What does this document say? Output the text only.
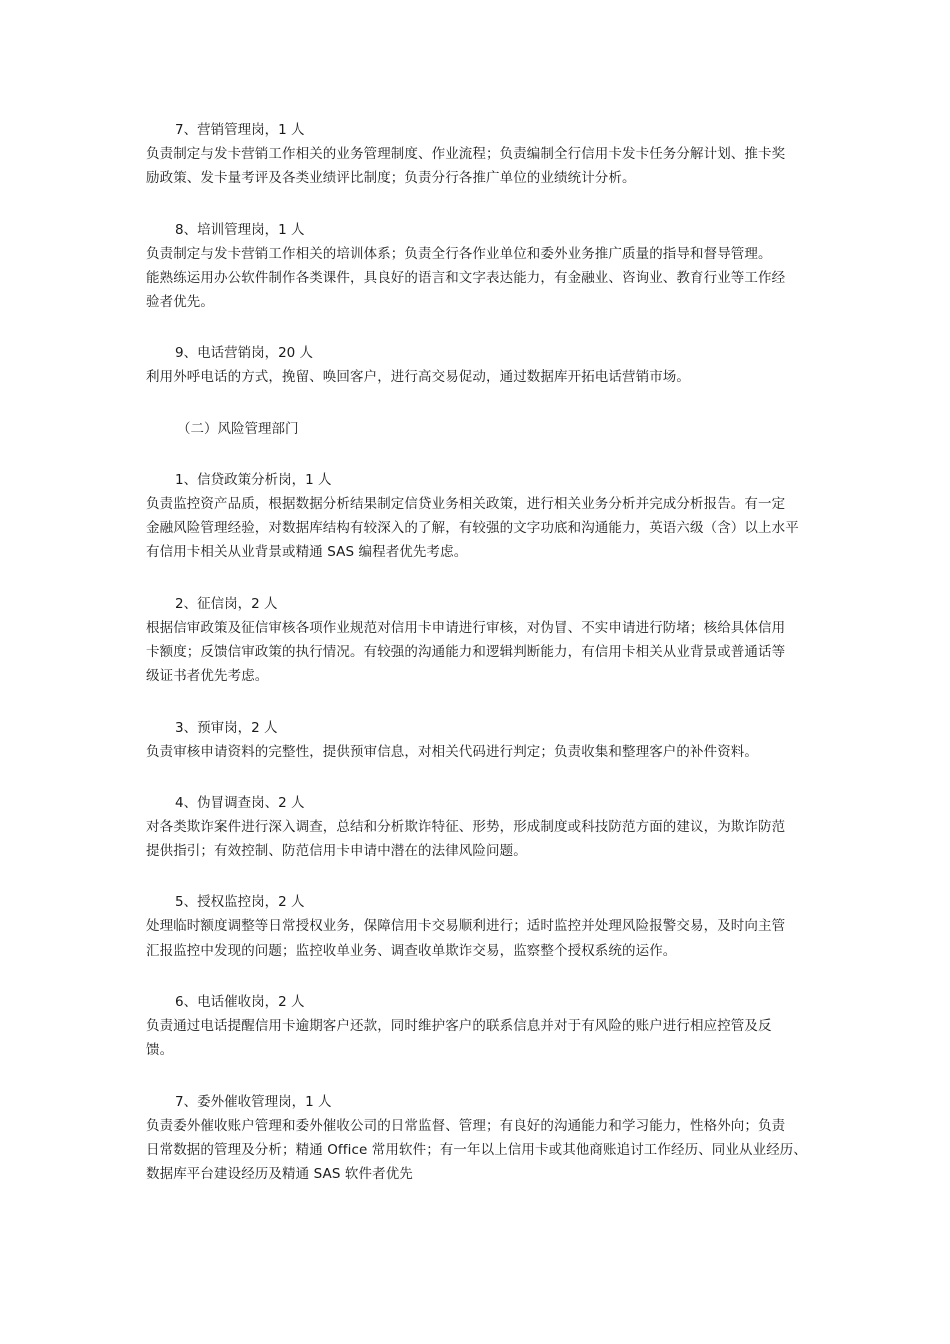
7、营销管理岗，1 人

负责制定与发卡营销工作相关的业务管理制度、作业流程；负责编制全行信用卡发卡任务分解计划、推卡奖

励政策、发卡量考评及各类业绩评比制度；负责分行各推广单位的业绩统计分析。

8、培训管理岗，1 人

负责制定与发卡营销工作相关的培训体系；负责全行各作业单位和委外业务推广质量的指导和督导管理。

能熟练运用办公软件制作各类课件，具良好的语言和文字表达能力，有金融业、咨询业、教育行业等工作经

验者优先。

9、电话营销岗，20 人

利用外呼电话的方式，挽留、唤回客户，进行高交易促动，通过数据库开拓电话营销市场。

（二）风险管理部门
1、信贷政策分析岗，1 人

负责监控资产品质，根据数据分析结果制定信贷业务相关政策，进行相关业务分析并完成分析报告。有一定

金融风险管理经验，对数据库结构有较深入的了解，有较强的文字功底和沟通能力，英语六级（含）以上水平

有信用卡相关从业背景或精通 SAS 编程者优先考虑。

2、征信岗，2 人

根据信审政策及征信审核各项作业规范对信用卡申请进行审核，对伪冒、不实申请进行防堵；核给具体信用

卡额度；反馈信审政策的执行情况。有较强的沟通能力和逻辑判断能力，有信用卡相关从业背景或普通话等

级证书者优先考虑。

3、预审岗，2 人

负责审核申请资料的完整性，提供预审信息，对相关代码进行判定；负责收集和整理客户的补件资料。

4、伪冒调查岗、2 人

对各类欺诈案件进行深入调查，总结和分析欺诈特征、形势，形成制度或科技防范方面的建议，为欺诈防范

提供指引；有效控制、防范信用卡申请中潜在的法律风险问题。

5、授权监控岗，2 人

处理临时额度调整等日常授权业务，保障信用卡交易顺利进行；适时监控并处理风险报警交易，及时向主管

汇报监控中发现的问题；监控收单业务、调查收单欺诈交易，监察整个授权系统的运作。

6、电话催收岗，2 人

负责通过电话提醒信用卡逾期客户还款，同时维护客户的联系信息并对于有风险的账户进行相应控管及反

馈。

7、委外催收管理岗，1 人

负责委外催收账户管理和委外催收公司的日常监督、管理；有良好的沟通能力和学习能力，性格外向；负责

日常数据的管理及分析；精通 Office 常用软件；有一年以上信用卡或其他商账追讨工作经历、同业从业经历、

数据库平台建设经历及精通 SAS 软件者优先
